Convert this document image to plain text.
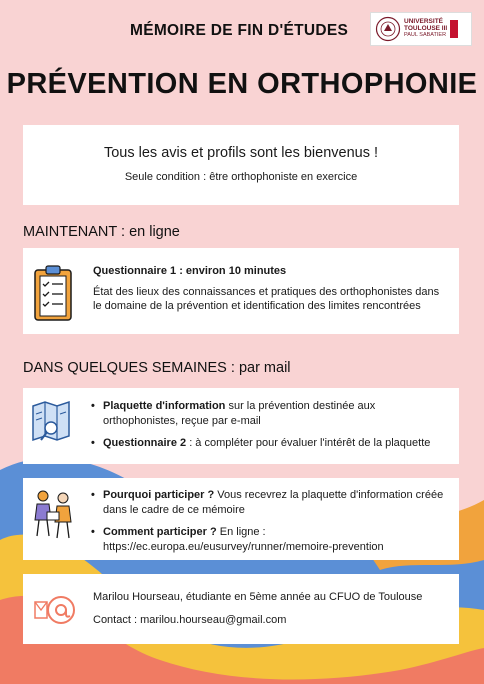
MÉMOIRE DE FIN D'ÉTUDES
UNIVERSITÉ
TOULOUSE III
PAUL SABATIER
PRÉVENTION EN ORTHOPHONIE
Tous les avis et profils sont les bienvenus !
Seule condition : être orthophoniste en exercice
MAINTENANT : en ligne
Questionnaire 1 : environ 10 minutes
État des lieux des connaissances et pratiques des orthophonistes dans le domaine de la prévention et identification des limites rencontrées
DANS QUELQUES SEMAINES : par mail
• Plaquette d'information sur la prévention destinée aux orthophonistes, reçue par e-mail
• Questionnaire 2 : à compléter pour évaluer l'intérêt de la plaquette
• Pourquoi participer ? Vous recevrez la plaquette d'information créée dans le cadre de ce mémoire
• Comment participer ? En ligne : https://ec.europa.eu/eusurvey/runner/memoire-prevention
Marilou Hourseau, étudiante en 5ème année au CFUO de Toulouse
Contact : marilou.hourseau@gmail.com
